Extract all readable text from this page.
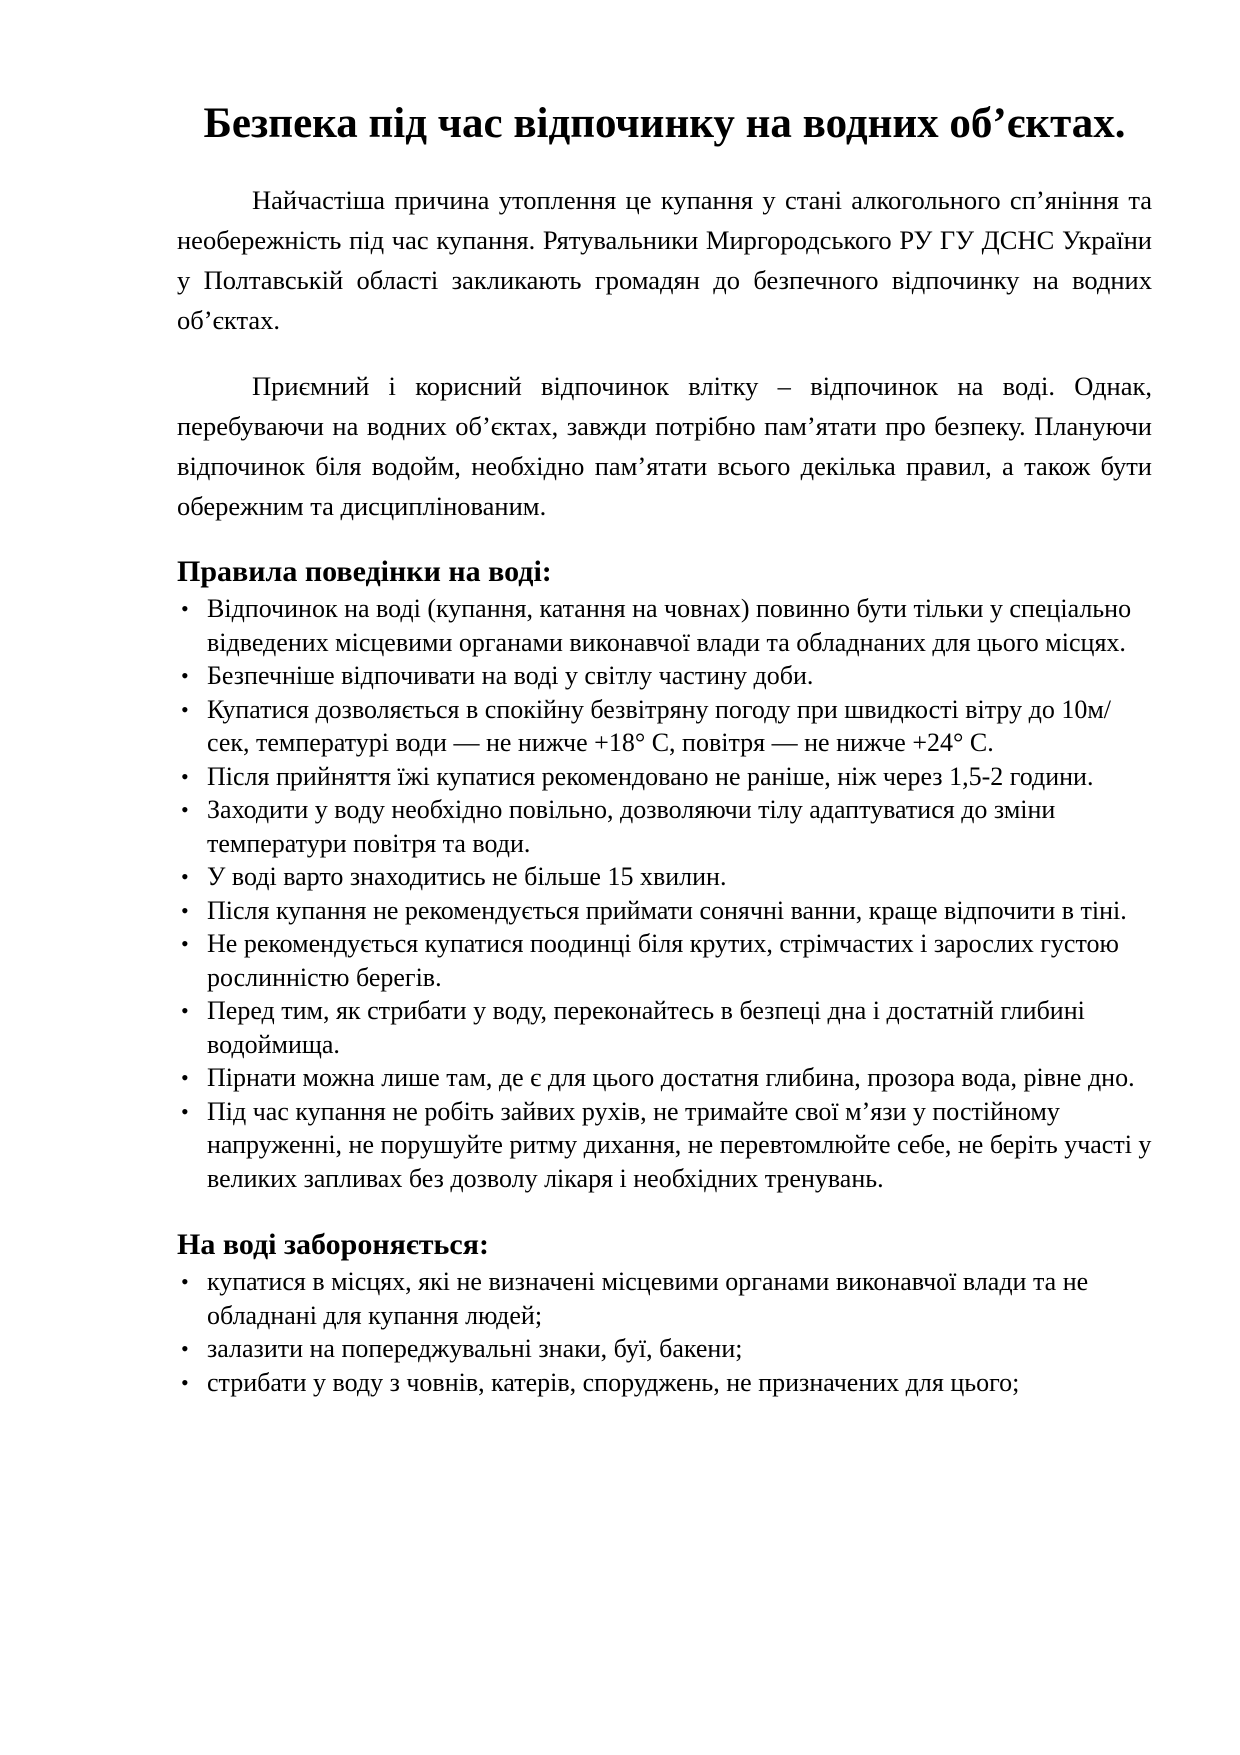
Безпека під час відпочинку на водних об’єктах.

Найчастіша причина утоплення це купання у стані алкогольного сп’яніння та необережність під час купання. Рятувальники Миргородського РУ ГУ ДСНС України у Полтавській області закликають громадян до безпечного відпочинку на водних об’єктах.

Приємний і корисний відпочинок влітку – відпочинок на воді. Однак, перебуваючи на водних об’єктах, завжди потрібно пам’ятати про безпеку. Плануючи відпочинок біля водойм, необхідно пам’ятати всього декілька правил, а також бути обережним та дисциплінованим.

Правила поведінки на воді:
• Відпочинок на воді (купання, катання на човнах) повинно бути тільки у спеціально відведених місцевими органами виконавчої влади та обладнаних для цього місцях.
• Безпечніше відпочивати на воді у світлу частину доби.
• Купатися дозволяється в спокійну безвітряну погоду при швидкості вітру до 10м/сек, температурі води — не нижче +18° С, повітря — не нижче +24° С.
• Після прийняття їжі купатися рекомендовано не раніше, ніж через 1,5-2 години.
• Заходити у воду необхідно повільно, дозволяючи тілу адаптуватися до зміни температури повітря та води.
• У воді варто знаходитись не більше 15 хвилин.
• Після купання не рекомендується приймати сонячні ванни, краще відпочити в тіні.
• Не рекомендується купатися поодинці біля крутих, стрімчастих і зарослих густою рослинністю берегів.
• Перед тим, як стрибати у воду, переконайтесь в безпеці дна і достатній глибині водоймища.
• Пірнати можна лише там, де є для цього достатня глибина, прозора вода, рівне дно.
• Під час купання не робіть зайвих рухів, не тримайте свої м’язи у постійному напруженні, не порушуйте ритму дихання, не перевтомлюйте себе, не беріть участі у великих запливах без дозволу лікаря і необхідних тренувань.
На воді забороняється:
• купатися в місцях, які не визначені місцевими органами виконавчої влади та не обладнані для купання людей;
• залазити на попереджувальні знаки, буї, бакени;
• стрибати у воду з човнів, катерів, споруджень, не призначених для цього;
